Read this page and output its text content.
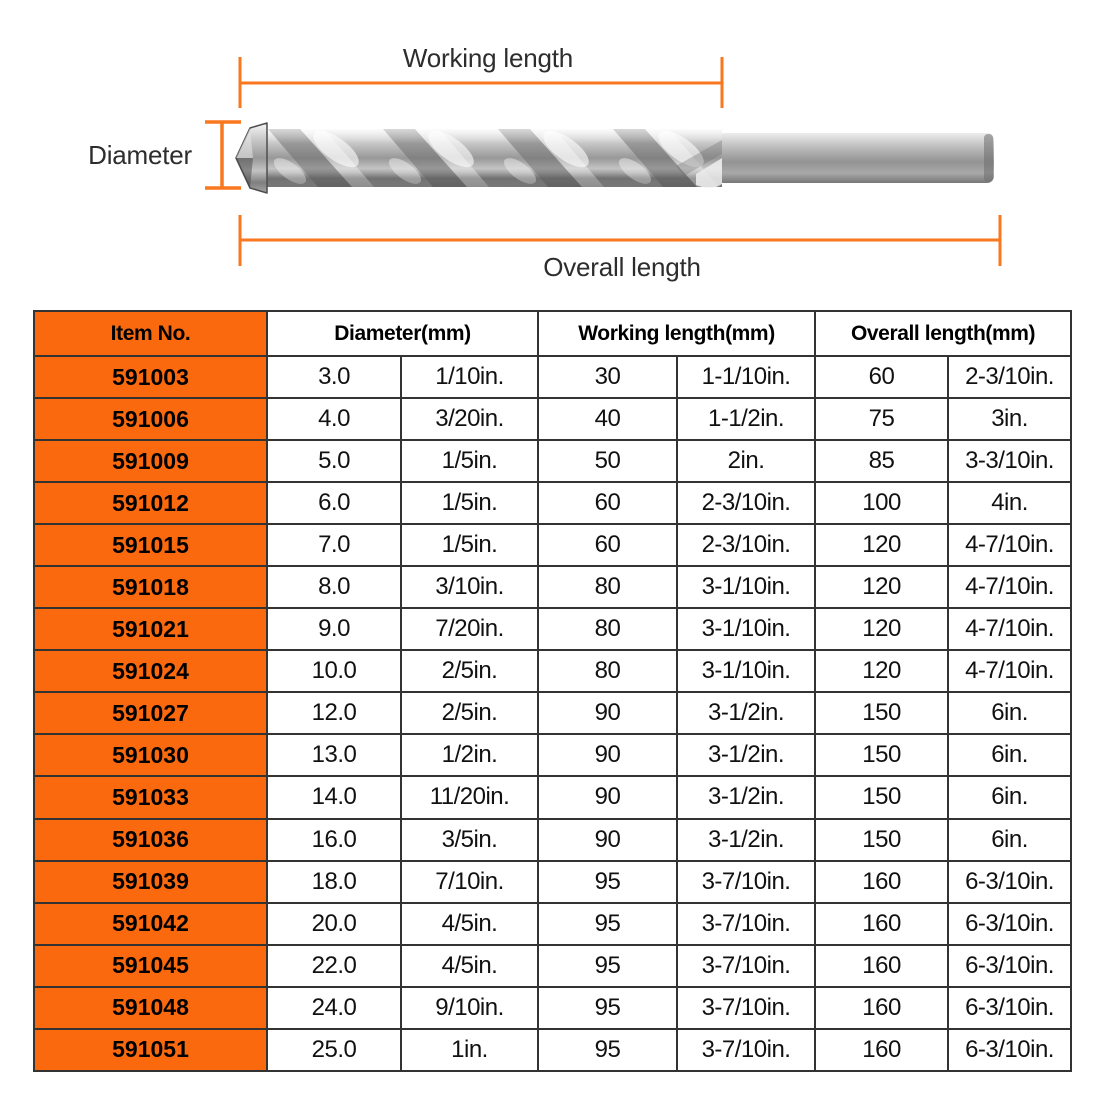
Working length
Diameter
Overall length
Item No.	Diameter(mm)		Working length(mm)		Overall length(mm)	
591003	3.0	1/10in.	30	1-1/10in.	60	2-3/10in.
591006	4.0	3/20in.	40	1-1/2in.	75	3in.
591009	5.0	1/5in.	50	2in.	85	3-3/10in.
591012	6.0	1/5in.	60	2-3/10in.	100	4in.
591015	7.0	1/5in.	60	2-3/10in.	120	4-7/10in.
591018	8.0	3/10in.	80	3-1/10in.	120	4-7/10in.
591021	9.0	7/20in.	80	3-1/10in.	120	4-7/10in.
591024	10.0	2/5in.	80	3-1/10in.	120	4-7/10in.
591027	12.0	2/5in.	90	3-1/2in.	150	6in.
591030	13.0	1/2in.	90	3-1/2in.	150	6in.
591033	14.0	11/20in.	90	3-1/2in.	150	6in.
591036	16.0	3/5in.	90	3-1/2in.	150	6in.
591039	18.0	7/10in.	95	3-7/10in.	160	6-3/10in.
591042	20.0	4/5in.	95	3-7/10in.	160	6-3/10in.
591045	22.0	4/5in.	95	3-7/10in.	160	6-3/10in.
591048	24.0	9/10in.	95	3-7/10in.	160	6-3/10in.
591051	25.0	1in.	95	3-7/10in.	160	6-3/10in.
